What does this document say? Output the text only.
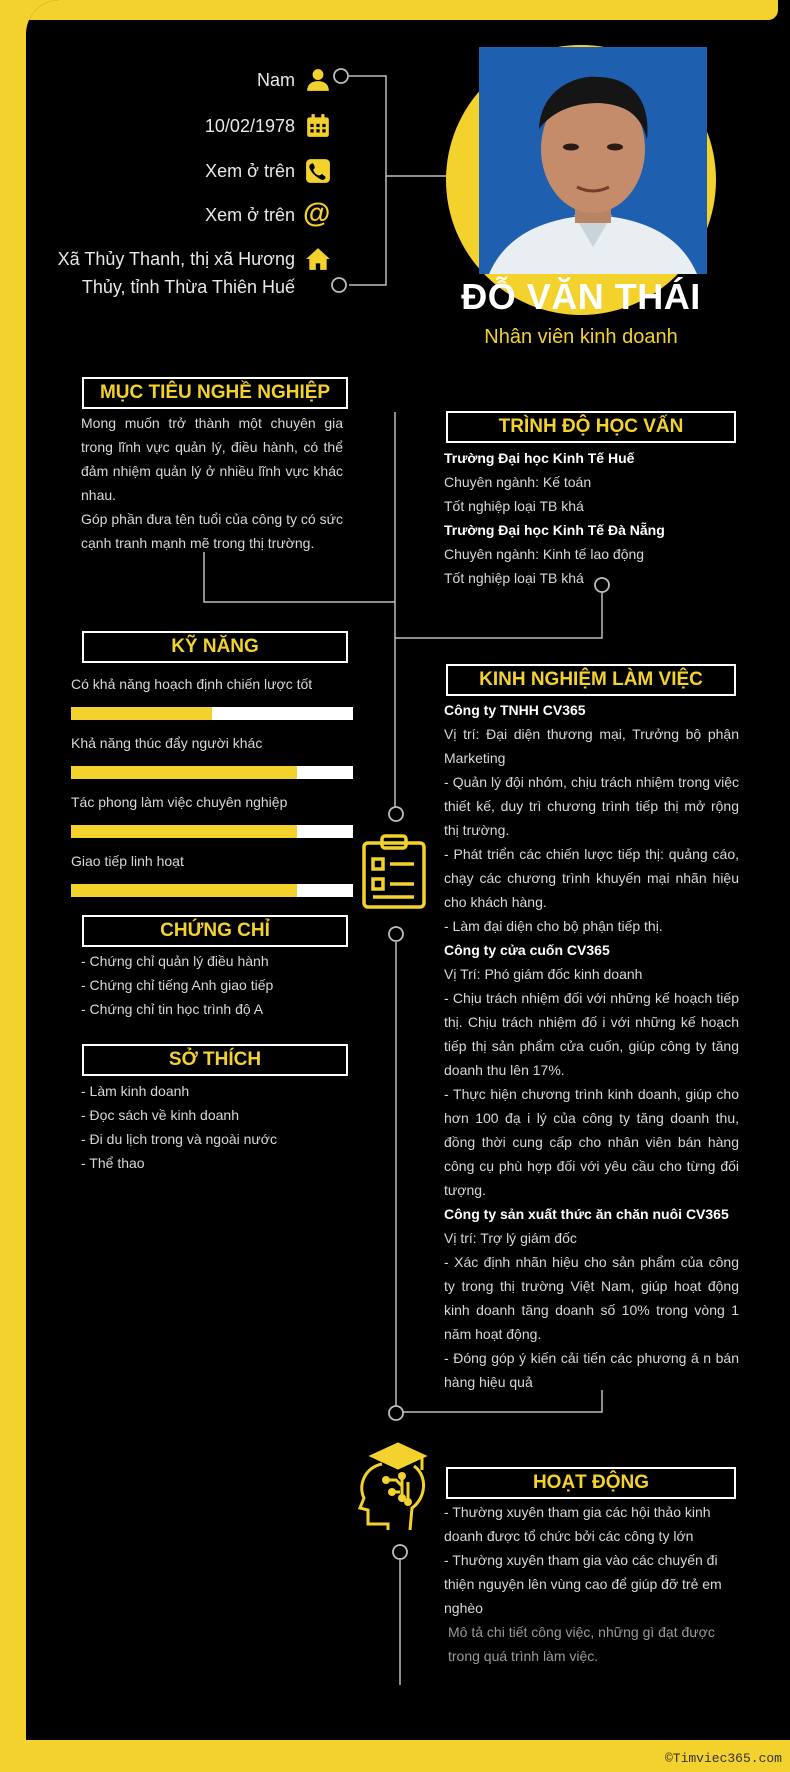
Nam
10/02/1978
Xem ở trên
Xem ở trên @
Xã Thủy Thanh, thị xã Hương
Thủy, tỉnh Thừa Thiên Huế	ĐỖ VĂN THÁI
Nhân viên kinh doanh
MỤC TIÊU NGHỀ NGHIỆP
Mong muốn trở thành một chuyên gia trong lĩnh vực quản lý, điều hành, có thể đảm nhiệm quản lý ở nhiều lĩnh vực khác nhau.
Góp phần đưa tên tuổi của công ty có sức cạnh tranh mạnh mẽ trong thị trường.
TRÌNH ĐỘ HỌC VẤN
Trường Đại học Kinh Tế Huế
Chuyên ngành: Kế toán
Tốt nghiệp loại TB khá
Trường Đại học Kinh Tế Đà Nẵng
Chuyên ngành: Kinh tế lao động
Tốt nghiệp loại TB khá
KỸ NĂNG
Có khả năng hoạch định chiến lược tốt
Khả năng thúc đẩy người khác
Tác phong làm việc chuyên nghiệp
Giao tiếp linh hoạt
CHỨNG CHỈ
- Chứng chỉ quản lý điều hành
- Chứng chỉ tiếng Anh giao tiếp
- Chứng chỉ tin học trình độ A
SỞ THÍCH
- Làm kinh doanh
- Đọc sách về kinh doanh
- Đi du lịch trong và ngoài nước
- Thể thao
KINH NGHIỆM LÀM VIỆC
Công ty TNHH CV365
Vị trí: Đại diện thương mại, Trưởng bộ phận Marketing
- Quản lý đội nhóm, chịu trách nhiệm trong việc thiết kế, duy trì chương trình tiếp thị mở rộng thị trường.
- Phát triển các chiến lược tiếp thị: quảng cáo, chạy các chương trình khuyến mại nhãn hiệu cho khách hàng.
- Làm đại diện cho bộ phận tiếp thị.
Công ty cửa cuốn CV365
Vị Trí: Phó giám đốc kinh doanh
- Chịu trách nhiệm đối với những kế hoạch tiếp thị. Chịu trách nhiệm đố i với những kế hoạch tiếp thị sản phẩm cửa cuốn, giúp công ty tăng doanh thu lên 17%.
- Thực hiện chương trình kinh doanh, giúp cho hơn 100 đạ i lý của công ty tăng doanh thu, đồng thời cung cấp cho nhân viên bán hàng công cụ phù hợp đối với yêu cầu cho từng đối tượng.
Công ty sản xuất thức ăn chăn nuôi CV365
Vị trí: Trợ lý giám đốc
- Xác định nhãn hiệu cho sản phẩm của công ty trong thị trường Việt Nam, giúp hoạt động kinh doanh tăng doanh số 10% trong vòng 1 năm hoạt động.
- Đóng góp ý kiến cải tiến các phương á n bán hàng hiệu quả
HOẠT ĐỘNG
- Thường xuyên tham gia các hội thảo kinh doanh được tổ chức bởi các công ty lớn
- Thường xuyên tham gia vào các chuyến đi thiện nguyện lên vùng cao để giúp đỡ trẻ em nghèo
Mô tả chi tiết công việc, những gì đạt được trong quá trình làm việc.
©Timviec365.com
